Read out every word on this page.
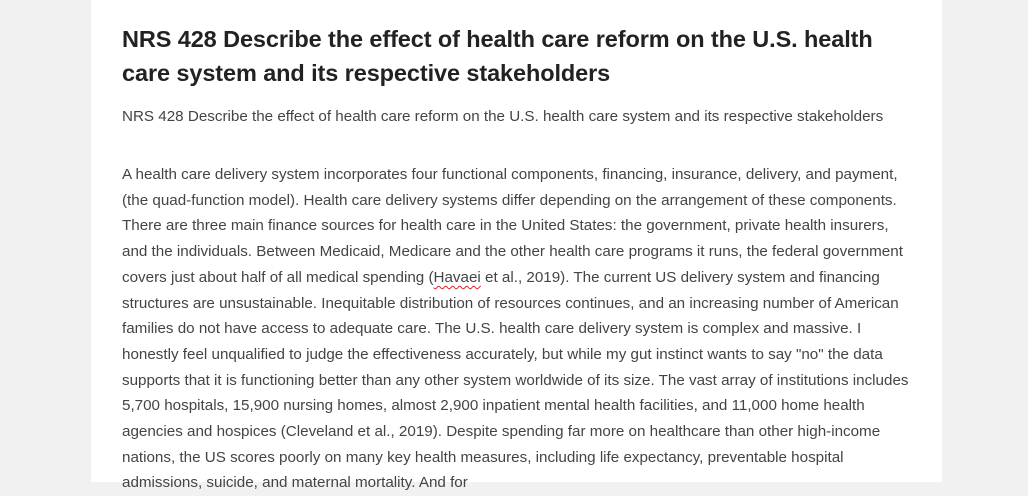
NRS 428 Describe the effect of health care reform on the U.S. health care system and its respective stakeholders

NRS 428 Describe the effect of health care reform on the U.S. health care system and its respective stakeholders

A health care delivery system incorporates four functional components, financing, insurance, delivery, and payment, (the quad-function model). Health care delivery systems differ depending on the arrangement of these components. There are three main finance sources for health care in the United States: the government, private health insurers, and the individuals. Between Medicaid, Medicare and the other health care programs it runs, the federal government covers just about half of all medical spending (Havaei et al., 2019). The current US delivery system and financing structures are unsustainable. Inequitable distribution of resources continues, and an increasing number of American families do not have access to adequate care. The U.S. health care delivery system is complex and massive. I honestly feel unqualified to judge the effectiveness accurately, but while my gut instinct wants to say "no" the data supports that it is functioning better than any other system worldwide of its size. The vast array of institutions includes 5,700 hospitals, 15,900 nursing homes, almost 2,900 inpatient mental health facilities, and 11,000 home health agencies and hospices (Cleveland et al., 2019). Despite spending far more on healthcare than other high-income nations, the US scores poorly on many key health measures, including life expectancy, preventable hospital admissions, suicide, and maternal mortality. And for
